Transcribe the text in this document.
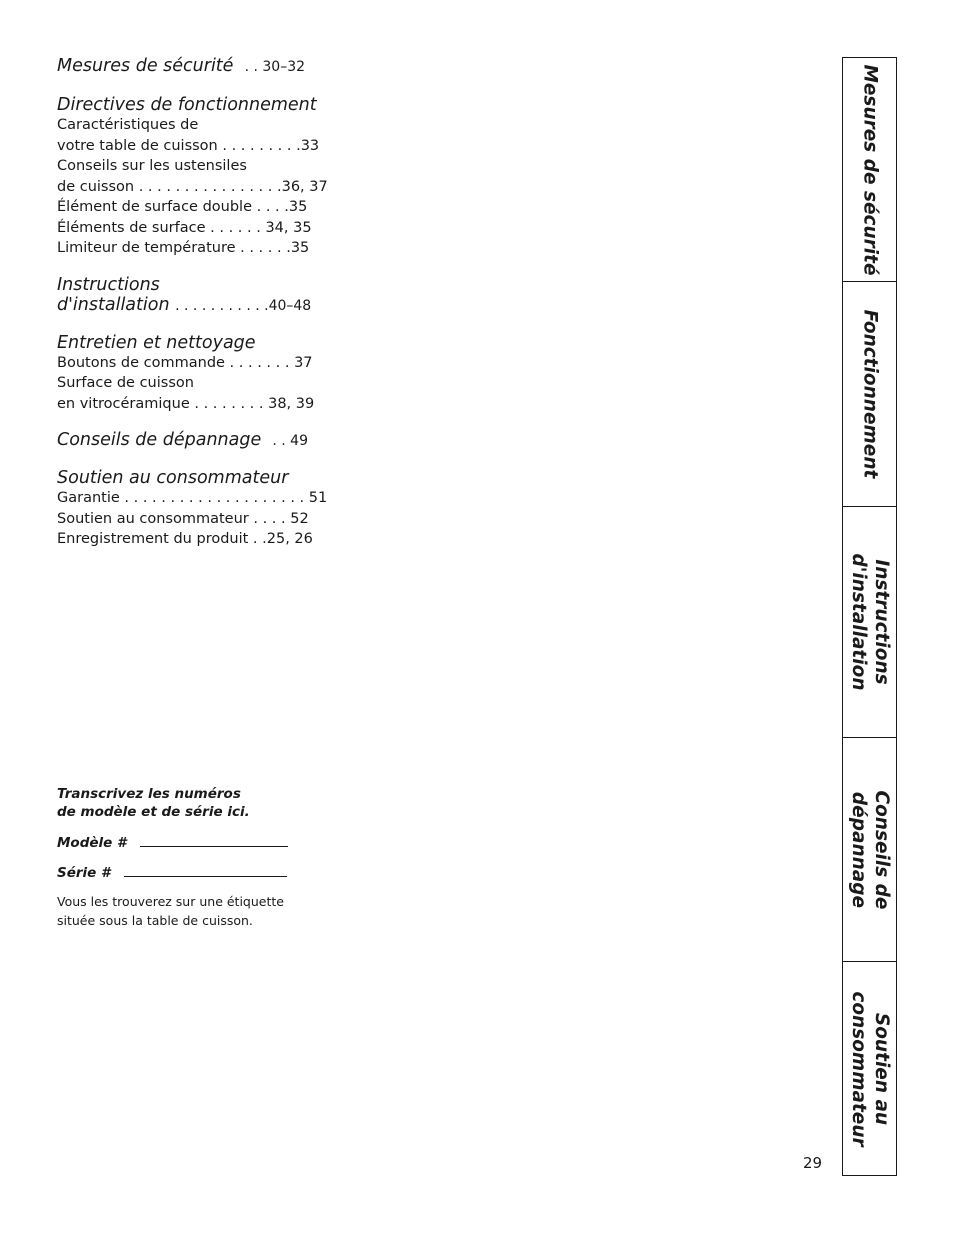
Mesures de sécurité . . 30–32
Directives de fonctionnement
Caractéristiques de
votre table de cuisson . . . . . . . . .33
Conseils sur les ustensiles
de cuisson . . . . . . . . . . . . . . . .36, 37
Élément de surface double . . . .35
Éléments de surface . . . . . . 34, 35
Limiteur de température . . . . . .35
Instructions
d'installation . . . . . . . . . . .40–48
Entretien et nettoyage
Boutons de commande . . . . . . . 37
Surface de cuisson
en vitrocéramique . . . . . . . . 38, 39
Conseils de dépannage . . 49
Soutien au consommateur
Garantie . . . . . . . . . . . . . . . . . . . . 51
Soutien au consommateur . . . . 52
Enregistrement du produit . .25, 26
Transcrivez les numéros
de modèle et de série ici.
Modèle #
Série #
Vous les trouverez sur une étiquette
située sous la table de cuisson.
Mesures de sécurité
Fonctionnement
Instructions
d'installation
Conseils de
dépannage
Soutien au
consommateur
29
